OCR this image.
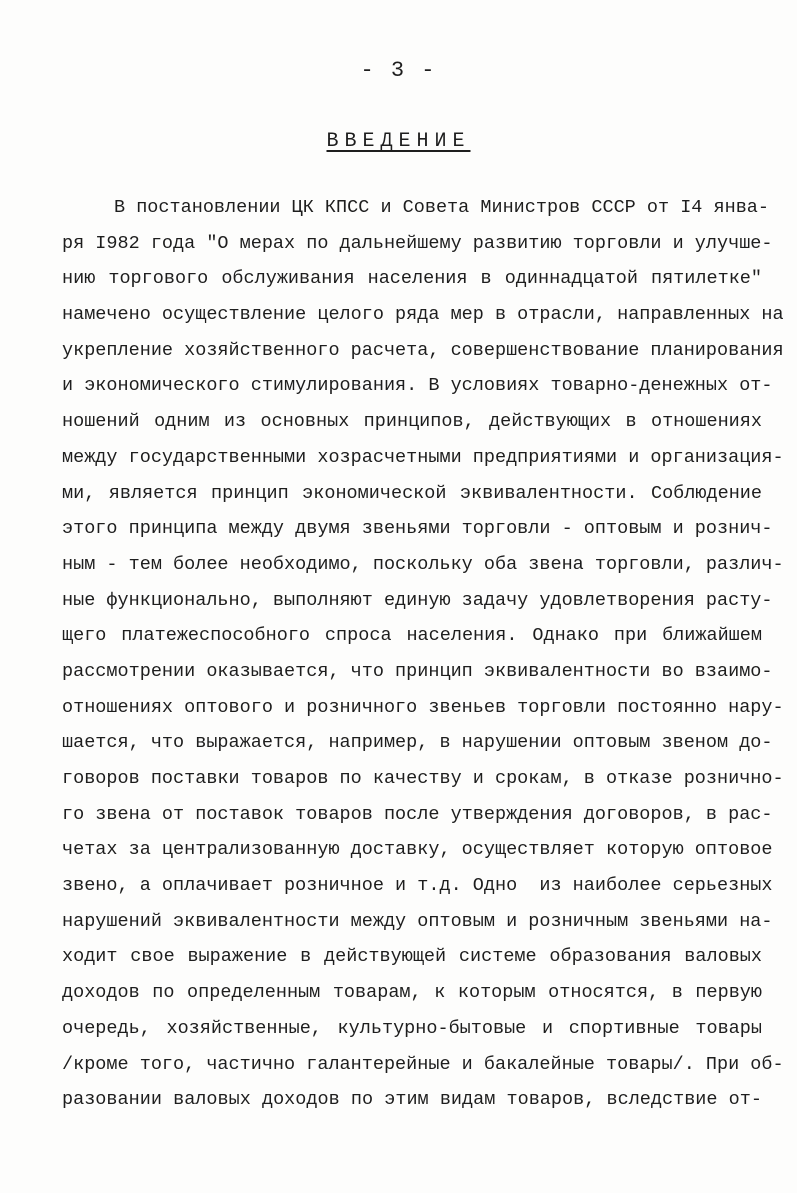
- 3 -
ВВЕДЕНИЕ
В постановлении ЦК КПСС и Совета Министров СССР от I4 янва-
ря I982 года "О мерах по дальнейшему развитию торговли и улучше-
нию торгового обслуживания населения в одиннадцатой пятилетке"
намечено осуществление целого ряда мер в отрасли, направленных на
укрепление хозяйственного расчета, совершенствование планирования
и экономического стимулирования. В условиях товарно-денежных от-
ношений одним из основных принципов, действующих в отношениях
между государственными хозрасчетными предприятиями и организация-
ми, является принцип экономической эквивалентности. Соблюдение
этого принципа между двумя звеньями торговли - оптовым и рознич-
ным - тем более необходимо, поскольку оба звена торговли, различ-
ные функционально, выполняют единую задачу удовлетворения расту-
щего платежеспособного спроса населения. Однако при ближайшем
рассмотрении оказывается, что принцип эквивалентности во взаимо-
отношениях оптового и розничного звеньев торговли постоянно нару-
шается, что выражается, например, в нарушении оптовым звеном до-
говоров поставки товаров по качеству и срокам, в отказе рознично-
го звена от поставок товаров после утверждения договоров, в рас-
четах за централизованную доставку, осуществляет которую оптовое
звено, а оплачивает розничное и т.д. Одно  из наиболее серьезных
нарушений эквивалентности между оптовым и розничным звеньями на-
ходит свое выражение в действующей системе образования валовых
доходов по определенным товарам, к которым относятся, в первую
очередь, хозяйственные, культурно-бытовые и спортивные товары
/кроме того, частично галантерейные и бакалейные товары/. При об-
разовании валовых доходов по этим видам товаров, вследствие от-
